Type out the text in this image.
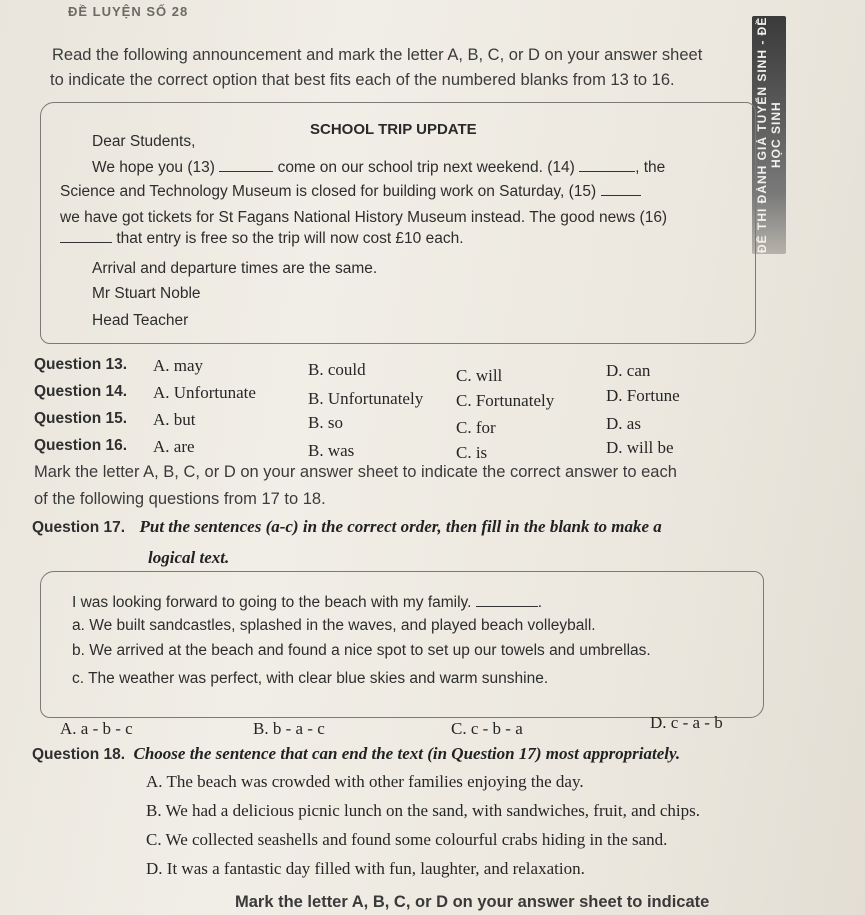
ĐỀ LUYỆN SỐ 28
ĐỀ THI ĐÁNH GIÁ TUYỂN SINH - ĐỀ HỌC SINH
Read the following announcement and mark the letter A, B, C, or D on your answer sheet
to indicate the correct option that best fits each of the numbered blanks from 13 to 16.
SCHOOL TRIP UPDATE
Dear Students,
We hope you (13)	come on our school trip next weekend. (14)	, the
Science and Technology Museum is closed for building work on Saturday, (15)
we have got tickets for St Fagans National History Museum instead. The good news (16)
that entry is free so the trip will now cost £10 each.
Arrival and departure times are the same.
Mr Stuart Noble
Head Teacher
Question 13. A. may	B. could	C. will	D. can
Question 14. A. Unfortunate	B. Unfortunately C. Fortunately	D. Fortune
Question 15. A. but	B. so	C. for	D. as
Question 16. A. are	B. was	C. is	D. will be
Mark the letter A, B, C, or D on your answer sheet to indicate the correct answer to each
of the following questions from 17 to 18.
Question 17. Put the sentences (a-c) in the correct order, then fill in the blank to make a
logical text.
I was looking forward to going to the beach with my family.	.
a. We built sandcastles, splashed in the waves, and played beach volleyball.
b. We arrived at the beach and found a nice spot to set up our towels and umbrellas.
c. The weather was perfect, with clear blue skies and warm sunshine.
A. a - b - c	B. b - a - c	C. c - b - a	D. c - a - b
Question 18. Choose the sentence that can end the text (in Question 17) most appropriately.
A. The beach was crowded with other families enjoying the day.
B. We had a delicious picnic lunch on the sand, with sandwiches, fruit, and chips.
C. We collected seashells and found some colourful crabs hiding in the sand.
D. It was a fantastic day filled with fun, laughter, and relaxation.
Mark the letter A, B, C, or D on your answer sheet to indicate
